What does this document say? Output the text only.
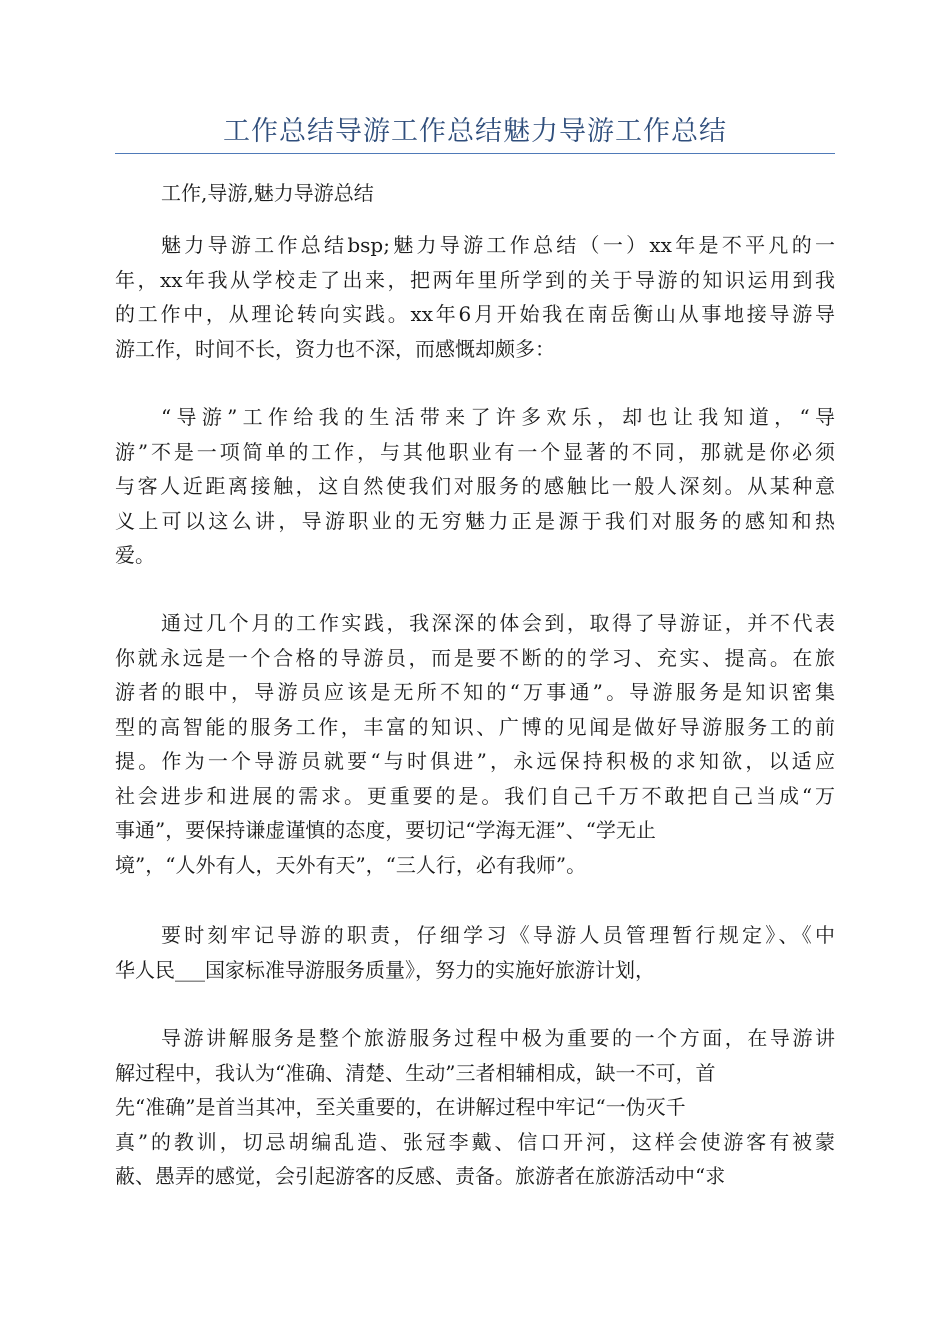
工作总结导游工作总结魅力导游工作总结
工作,导游,魅力导游总结
魅力导游工作总结bsp;魅力导游工作总结（一）xx年是不平凡的一
年，xx年我从学校走了出来，把两年里所学到的关于导游的知识运用到我
的工作中，从理论转向实践。xx年6月开始我在南岳衡山从事地接导游导
游工作，时间不长，资力也不深，而感慨却颇多：
“导游”工作给我的生活带来了许多欢乐，却也让我知道，“导
游”不是一项简单的工作，与其他职业有一个显著的不同，那就是你必须
与客人近距离接触，这自然使我们对服务的感触比一般人深刻。从某种意
义上可以这么讲，导游职业的无穷魅力正是源于我们对服务的感知和热
爱。
通过几个月的工作实践，我深深的体会到，取得了导游证，并不代表
你就永远是一个合格的导游员，而是要不断的的学习、充实、提高。在旅
游者的眼中，导游员应该是无所不知的“万事通”。导游服务是知识密集
型的高智能的服务工作，丰富的知识、广博的见闻是做好导游服务工的前
提。作为一个导游员就要“与时俱进”，永远保持积极的求知欲，以适应
社会进步和进展的需求。更重要的是。我们自己千万不敢把自己当成“万
事通”，要保持谦虚谨慎的态度，要切记“学海无涯”、“学无止
境”，“人外有人，天外有天”，“三人行，必有我师”。
要时刻牢记导游的职责，仔细学习《导游人员管理暂行规定》、《中
华人民___国家标准导游服务质量》，努力的实施好旅游计划，
导游讲解服务是整个旅游服务过程中极为重要的一个方面，在导游讲
解过程中，我认为“准确、清楚、生动”三者相辅相成，缺一不可，首
先“准确”是首当其冲，至关重要的，在讲解过程中牢记“一伪灭千
真”的教训，切忌胡编乱造、张冠李戴、信口开河，这样会使游客有被蒙
蔽、愚弄的感觉，会引起游客的反感、责备。旅游者在旅游活动中“求
